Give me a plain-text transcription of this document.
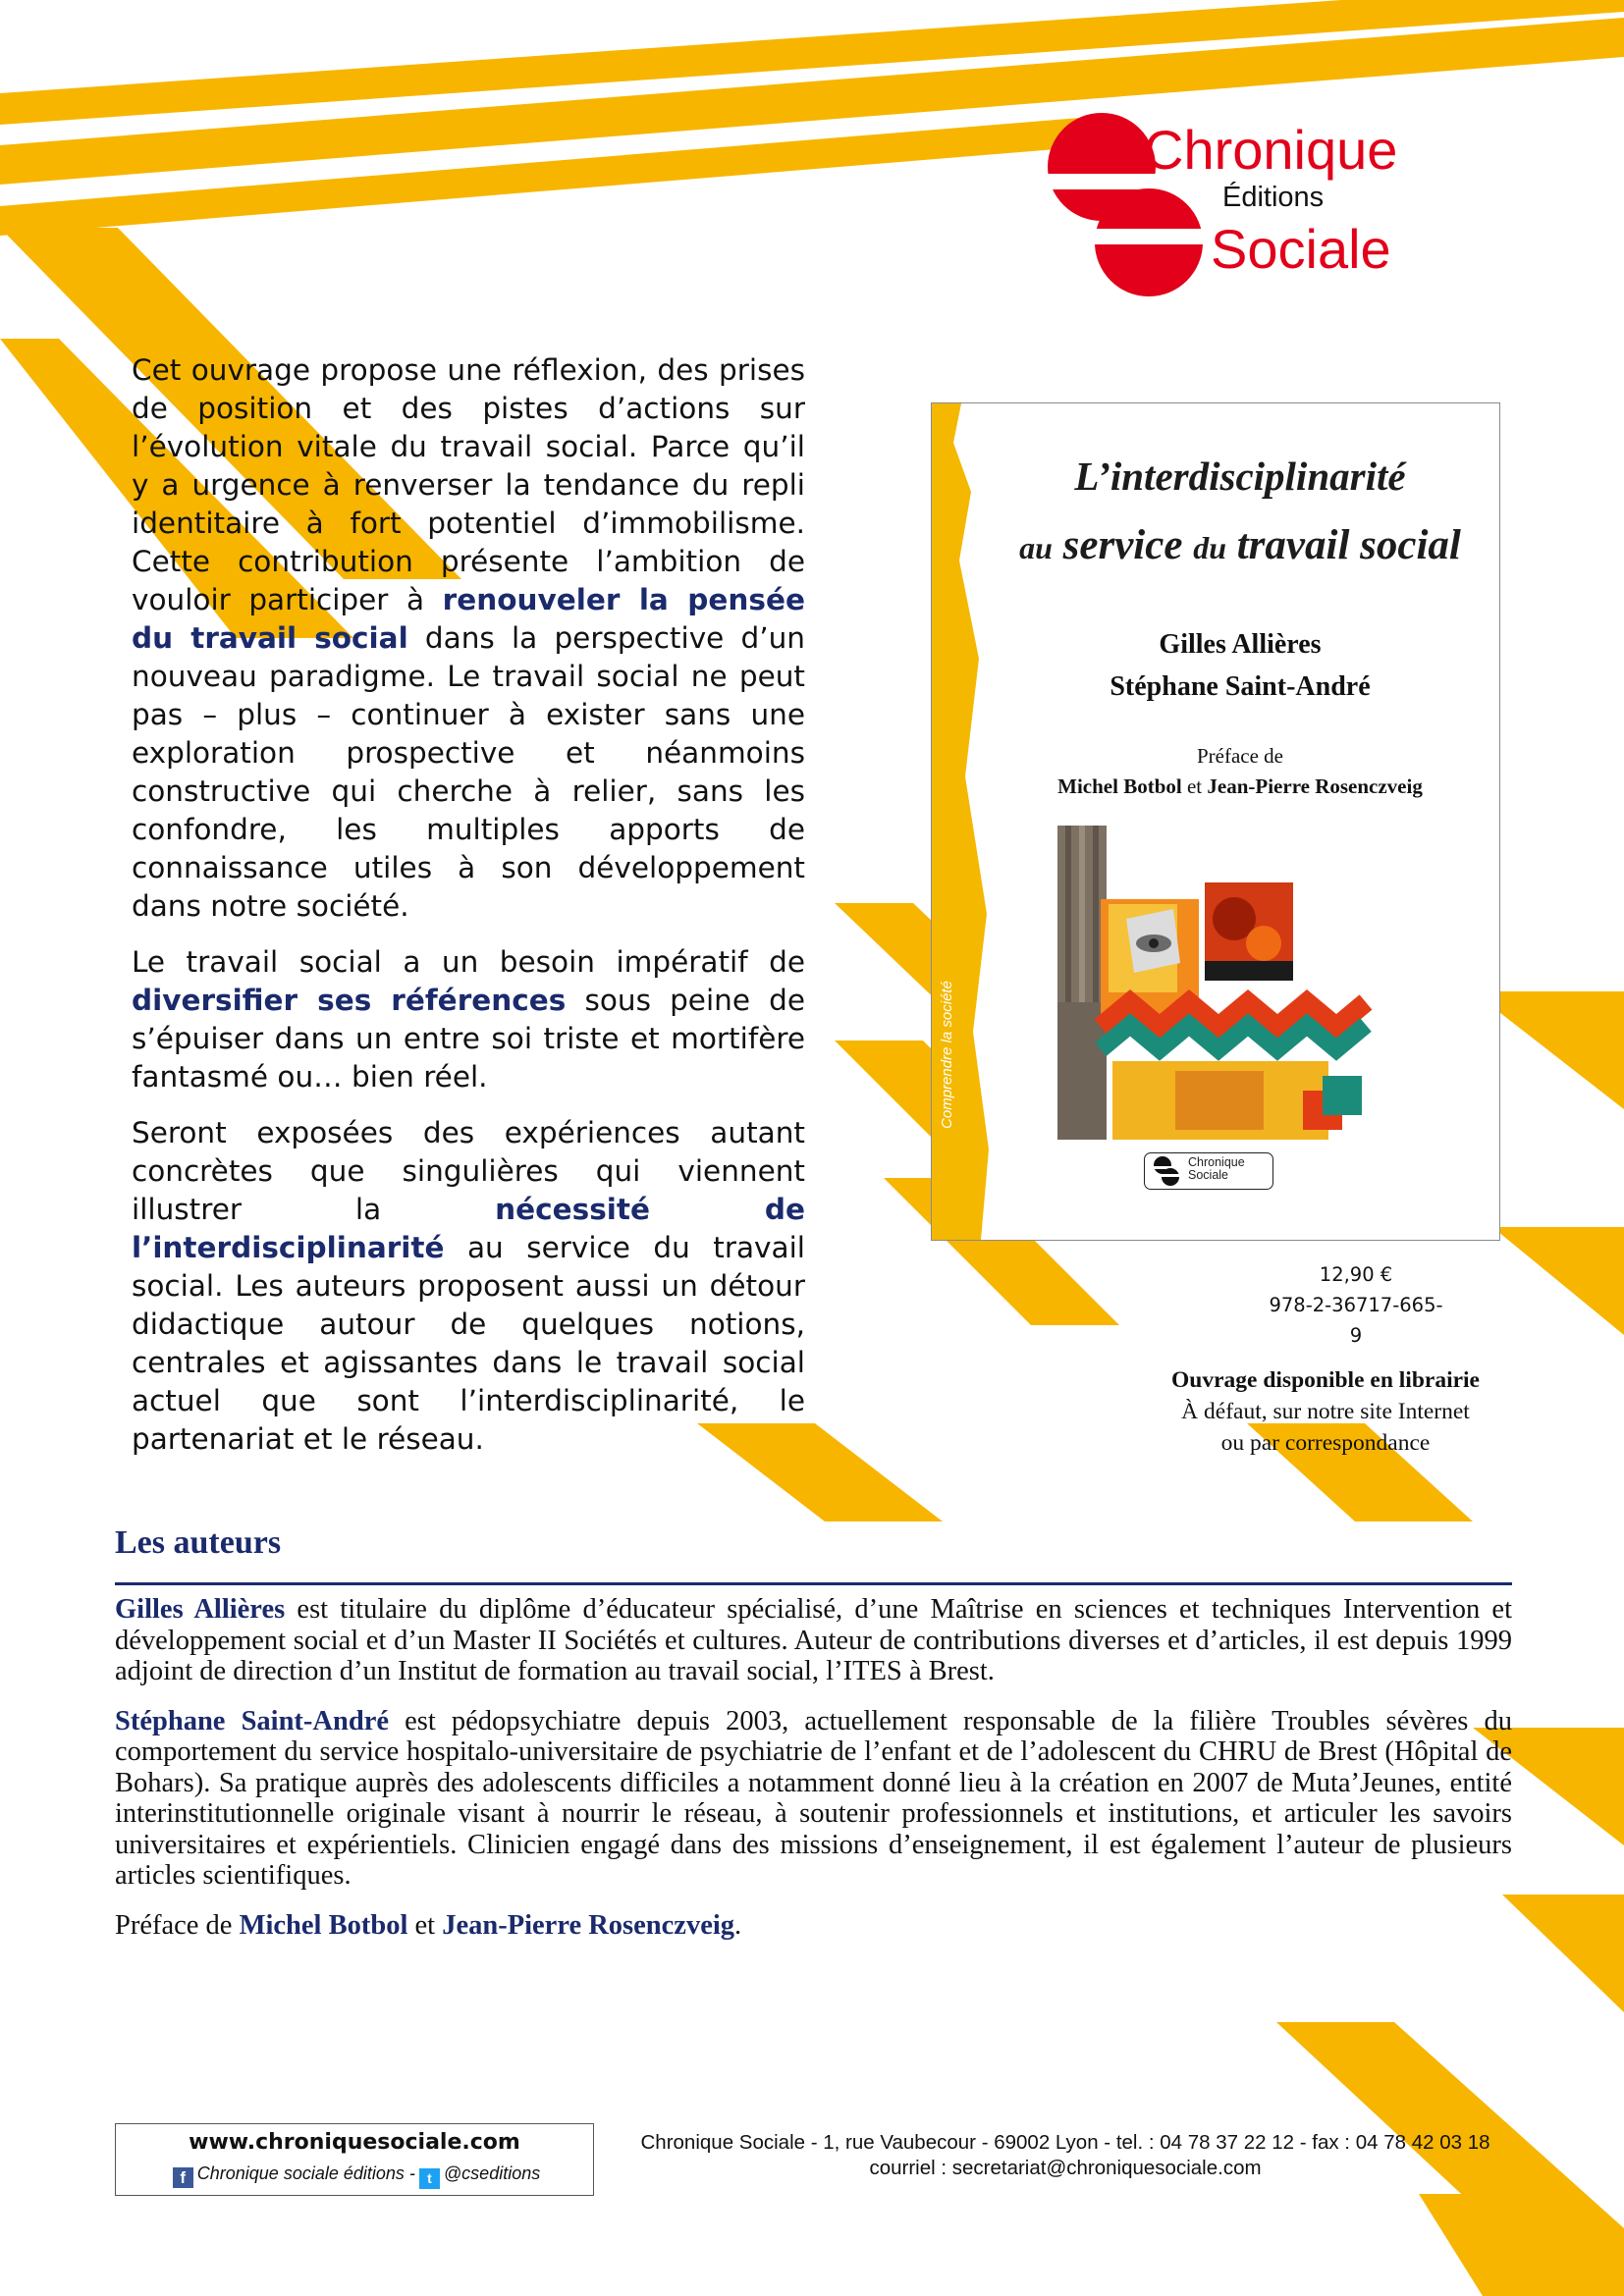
Chronique
Éditions
Sociale

Cet ouvrage propose une réflexion, des prises de position et des pistes d’actions sur l’évolution vitale du travail social. Parce qu’il y a urgence à renverser la tendance du repli identitaire à fort potentiel d’immobilisme. Cette contribution présente l’ambition de vouloir participer à renouveler la pensée du travail social dans la perspective d’un nouveau paradigme. Le travail social ne peut pas – plus – continuer à exister sans une exploration prospective et néanmoins constructive qui cherche à relier, sans les confondre, les multiples apports de connaissance utiles à son développement dans notre société.

Le travail social a un besoin impératif de diversifier ses références sous peine de s’épuiser dans un entre soi triste et mortifère fantasmé ou… bien réel.

Seront exposées des expériences autant concrètes que singulières qui viennent illustrer la	nécessité de l’interdisciplinarité au service du travail social. Les auteurs proposent aussi un détour didactique autour de quelques notions, centrales et agissantes dans le travail social actuel que sont l’interdisciplinarité, le partenariat et le réseau.

Comprendre la société
L’interdisciplinarité
au service du travail social
Gilles Allières
Stéphane Saint-André
Préface de
Michel Botbol et Jean-Pierre Rosenczveig
Chronique
Sociale
12,90 €
978-2-36717-665-9
Ouvrage disponible en librairie
À défaut, sur notre site Internet
ou par correspondance
Les auteurs

Gilles Allières est titulaire du diplôme d’éducateur spécialisé, d’une Maîtrise en sciences et techniques Intervention et développement social et d’un Master II Sociétés et cultures. Auteur de contributions diverses et d’articles, il est depuis 1999 adjoint de direction d’un Institut de formation au travail social, l’ITES à Brest.

Stéphane Saint-André est pédopsychiatre depuis 2003, actuellement responsable de la filière Troubles sévères du comportement du service hospitalo-universitaire de psychiatrie de l’enfant et de l’adolescent du CHRU de Brest (Hôpital de Bohars). Sa pratique auprès des adolescents difficiles a notamment donné lieu à la création en 2007 de Muta’Jeunes, entité interinstitutionnelle originale visant à nourrir le réseau, à soutenir professionnels et institutions, et articuler les savoirs universitaires et expérientiels. Clinicien engagé dans des missions d’enseignement, il est également l’auteur de plusieurs articles scientifiques.

Préface de Michel Botbol et Jean-Pierre Rosenczveig.

www.chroniquesociale.com
f Chronique sociale éditions - t @cseditions
Chronique Sociale - 1, rue Vaubecour - 69002 Lyon - tel. : 04 78 37 22 12 - fax : 04 78 42 03 18
courriel : secretariat@chroniquesociale.com
